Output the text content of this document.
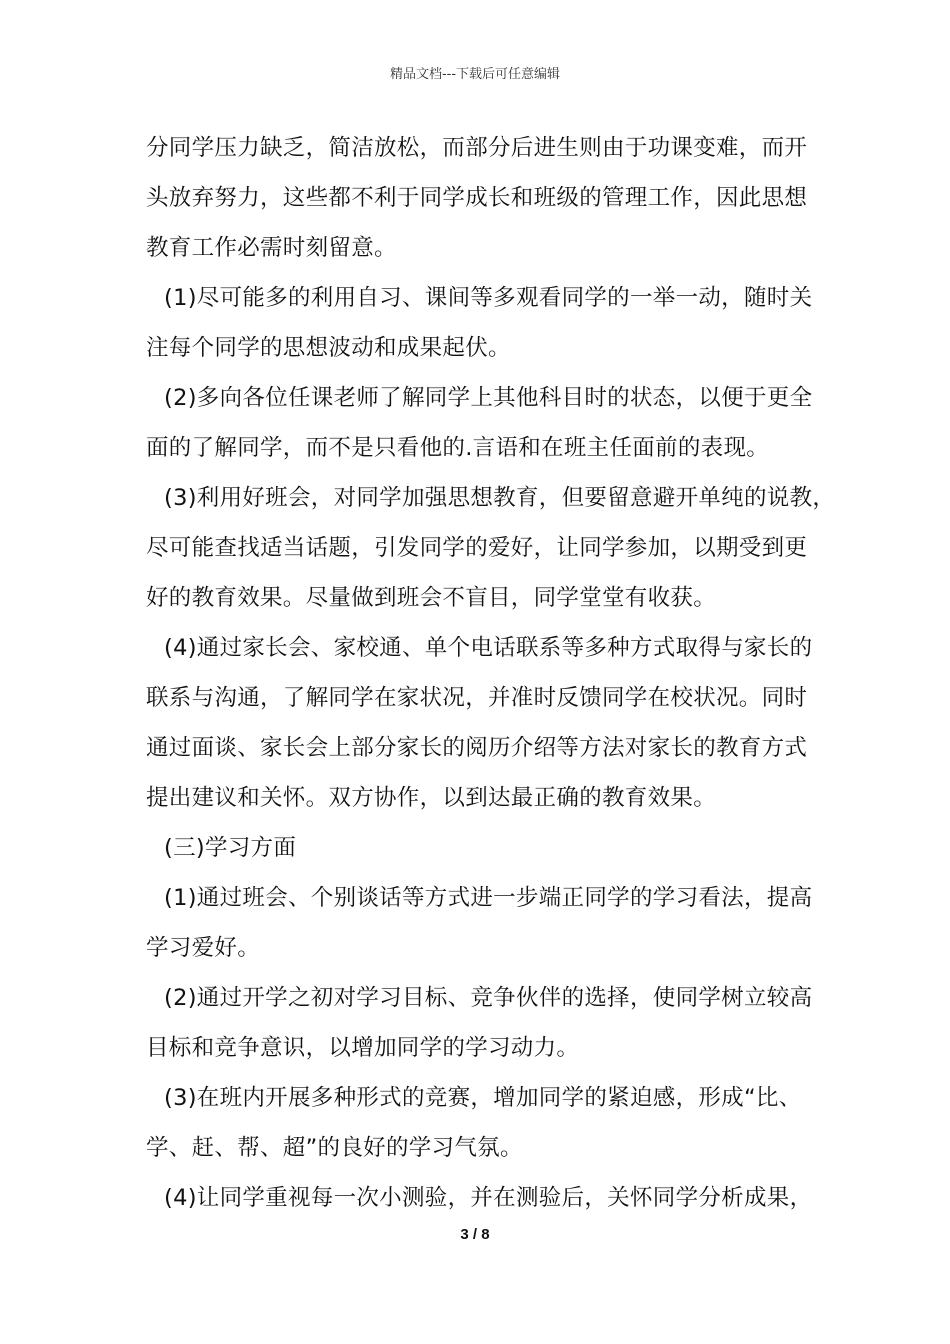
精品文档---下载后可任意编辑
分同学压力缺乏，简洁放松，而部分后进生则由于功课变难，而开
头放弃努力，这些都不利于同学成长和班级的管理工作，因此思想
教育工作必需时刻留意。
(1)尽可能多的利用自习、课间等多观看同学的一举一动，随时关
注每个同学的思想波动和成果起伏。
(2)多向各位任课老师了解同学上其他科目时的状态，以便于更全
面的了解同学，而不是只看他的.言语和在班主任面前的表现。
(3)利用好班会，对同学加强思想教育，但要留意避开单纯的说教，
尽可能查找适当话题，引发同学的爱好，让同学参加，以期受到更
好的教育效果。尽量做到班会不盲目，同学堂堂有收获。
(4)通过家长会、家校通、单个电话联系等多种方式取得与家长的
联系与沟通，了解同学在家状况，并准时反馈同学在校状况。同时
通过面谈、家长会上部分家长的阅历介绍等方法对家长的教育方式
提出建议和关怀。双方协作，以到达最正确的教育效果。
(三)学习方面
(1)通过班会、个别谈话等方式进一步端正同学的学习看法，提高
学习爱好。
(2)通过开学之初对学习目标、竞争伙伴的选择，使同学树立较高
目标和竞争意识，以增加同学的学习动力。
(3)在班内开展多种形式的竞赛，增加同学的紧迫感，形成“比、
学、赶、帮、超”的良好的学习气氛。
(4)让同学重视每一次小测验，并在测验后，关怀同学分析成果，
3 / 8
